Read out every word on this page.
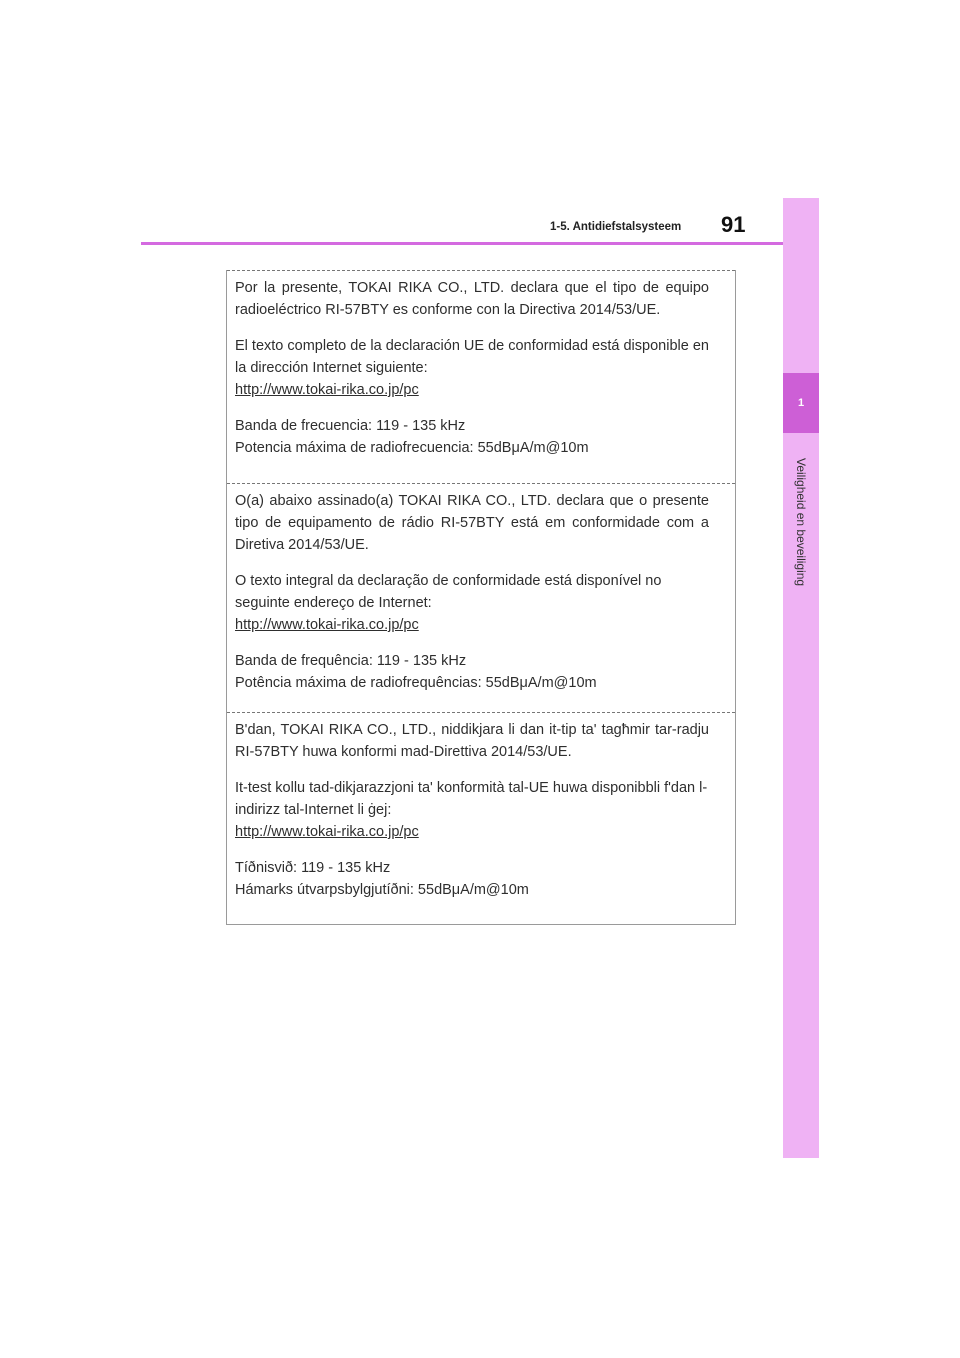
1
Veiligheid en beveiliging
1-5. Antidiefstalsysteem 91

Por la presente, TOKAI RIKA CO., LTD. declara que el tipo de equipo radioeléctrico RI-57BTY es conforme con la Directiva 2014/53/UE.

El texto completo de la declaración UE de conformidad está disponible en la dirección Internet siguiente:

http://www.tokai-rika.co.jp/pc

Banda de frecuencia: 119 - 135 kHz

Potencia máxima de radiofrecuencia: 55dBμA/m@10m

O(a) abaixo assinado(a) TOKAI RIKA CO., LTD. declara que o presente tipo de equipamento de rádio RI-57BTY está em conformidade com a Diretiva 2014/53/UE.

O texto integral da declaração de conformidade está disponível no seguinte endereço de Internet:

http://www.tokai-rika.co.jp/pc

Banda de frequência: 119 - 135 kHz

Potência máxima de radiofrequências: 55dBμA/m@10m

B'dan, TOKAI RIKA CO., LTD., niddikjara li dan it-tip ta' tagħmir tar-radju RI-57BTY huwa konformi mad-Direttiva 2014/53/UE.

It-test kollu tad-dikjarazzjoni ta' konformità tal-UE huwa disponibbli f'dan l-indirizz tal-Internet li ġej:

http://www.tokai-rika.co.jp/pc

Tíðnisvið: 119 - 135 kHz

Hámarks útvarpsbylgjutíðni: 55dBμA/m@10m
